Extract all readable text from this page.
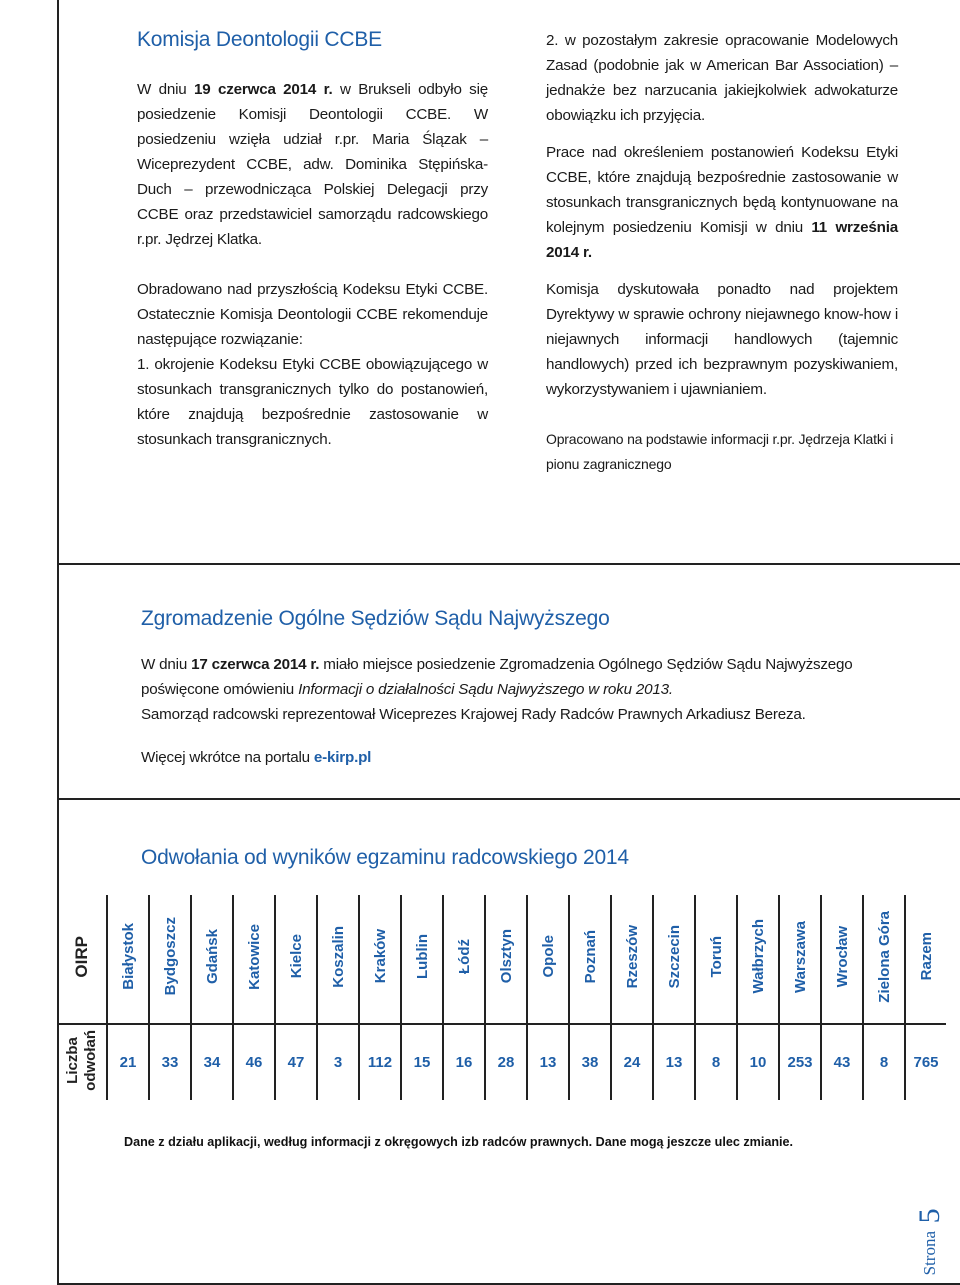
Komisja Deontologii CCBE

W dniu 19 czerwca 2014 r. w Brukseli odbyło się posiedzenie Komisji Deontologii CCBE. W posiedzeniu wzięła udział r.pr. Maria Ślązak – Wiceprezydent CCBE, adw. Dominika Stępińska-Duch – przewodnicząca Polskiej Delegacji przy CCBE oraz przedstawiciel samorządu radcowskiego r.pr. Jędrzej Klatka.

Obradowano nad przyszłością Kodeksu Etyki CCBE. Ostatecznie Komisja Deontologii CCBE rekomenduje następujące rozwiązanie:

1. okrojenie Kodeksu Etyki CCBE obowiązującego w stosunkach transgranicznych tylko do postanowień, które znajdują bezpośrednie zastosowanie w stosunkach transgranicznych.

2. w pozostałym zakresie opracowanie Modelowych Zasad (podobnie jak w American Bar Association) – jednakże bez narzucania jakiejkolwiek adwokaturze obowiązku ich przyjęcia.

Prace nad określeniem postanowień Kodeksu Etyki CCBE, które znajdują bezpośrednie zastosowanie w stosunkach transgranicznych będą kontynuowane na kolejnym posiedzeniu Komisji w dniu 11 września 2014 r.

Komisja dyskutowała ponadto nad projektem Dyrektywy w sprawie ochrony niejawnego know-how i niejawnych informacji handlowych (tajemnic handlowych) przed ich bezprawnym pozyskiwaniem, wykorzystywaniem i ujawnianiem.

Opracowano na podstawie informacji r.pr. Jędrzeja Klatki i pionu zagranicznego

Zgromadzenie Ogólne Sędziów Sądu Najwyższego

W dniu 17 czerwca 2014 r. miało miejsce posiedzenie Zgromadzenia Ogólnego Sędziów Sądu Najwyższego

poświęcone omówieniu Informacji o działalności Sądu Najwyższego w roku 2013.

Samorząd radcowski reprezentował Wiceprezes Krajowej Rady Radców Prawnych Arkadiusz Bereza.

Więcej wkrótce na portalu e-kirp.pl

Odwołania od wyników egzaminu radcowskiego 2014
OIRP	Białystok	Bydgoszcz	Gdańsk	Katowice	Kielce	Koszalin	Kraków	Lublin	Łódź	Olsztyn	Opole	Poznań	Rzeszów	Szczecin	Toruń	Wałbrzych	Warszawa	Wrocław	Zielona Góra	Razem
Liczba
odwołań	21	33	34	46	47	3	112	15	16	28	13	38	24	13	8	10	253	43	8	765
Dane z działu aplikacji, według informacji z okręgowych izb radców prawnych. Dane mogą jeszcze ulec zmianie.
Strona5
